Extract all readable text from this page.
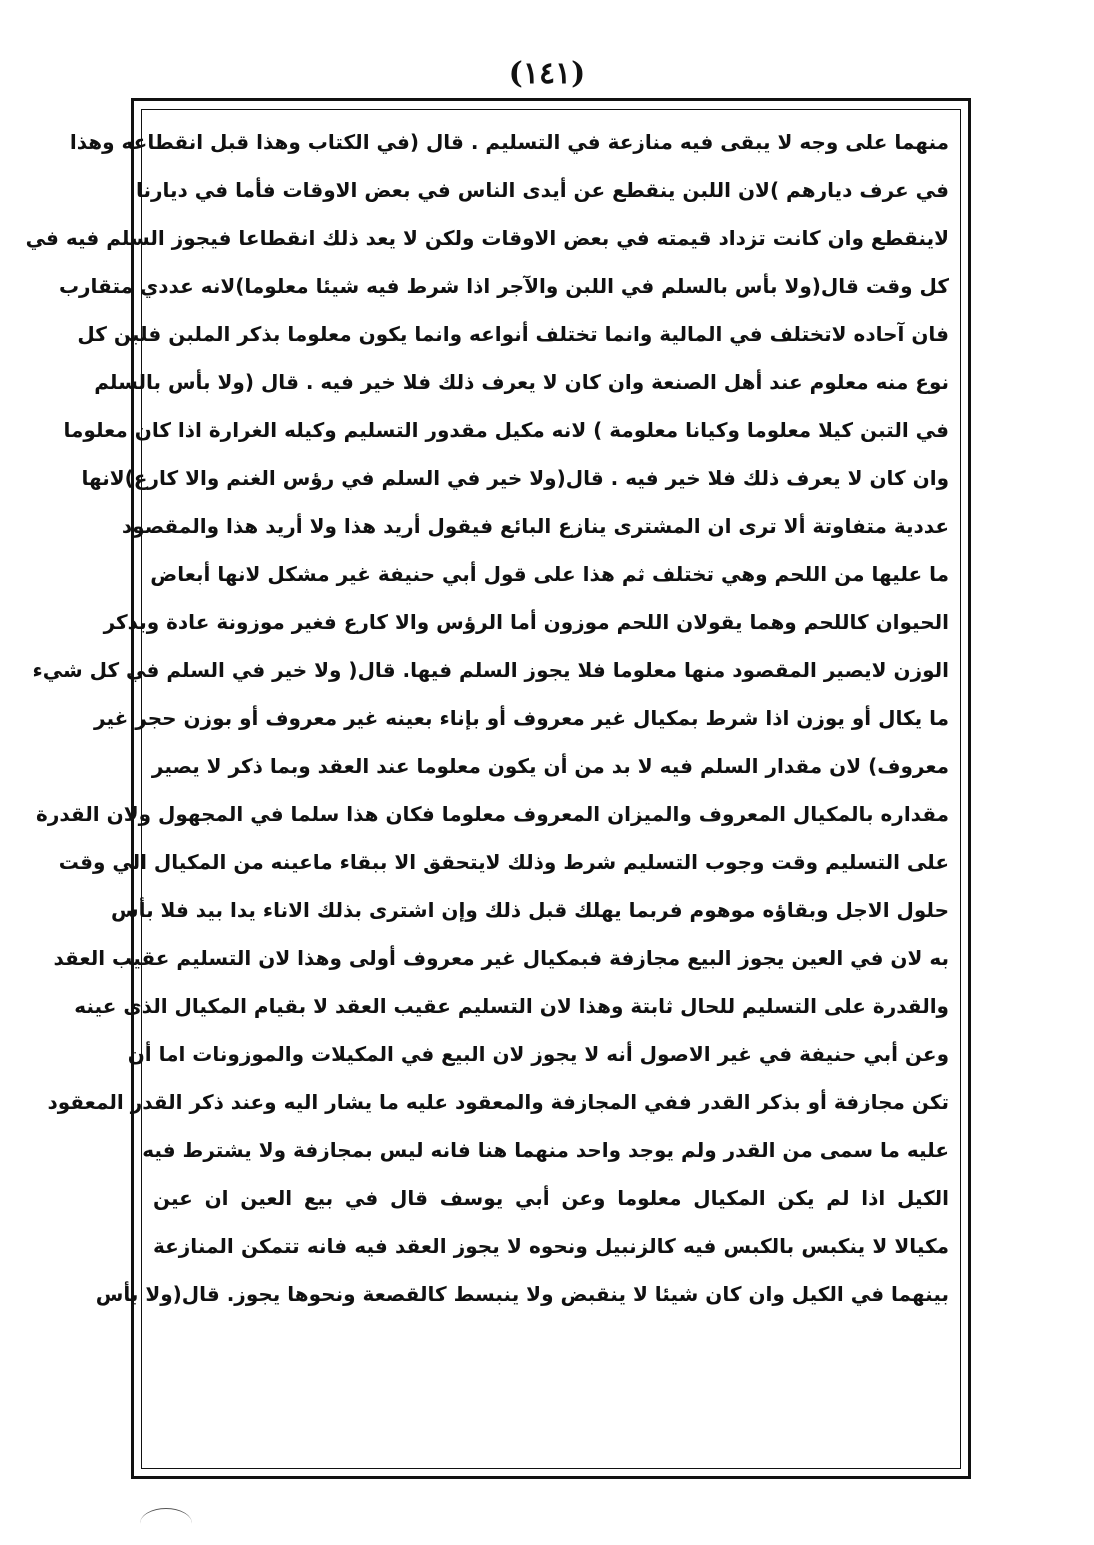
(١٤١)
منهما على وجه لا يبقى فيه منازعة في التسليم . قال (في الكتاب وهذا قبل انقطاعه وهذا
في عرف ديارهم )لان اللبن ينقطع عن أيدى الناس في بعض الاوقات فأما في ديارنا
لاينقطع وان كانت تزداد قيمته في بعض الاوقات ولكن لا يعد ذلك انقطاعا فيجوز السلم فيه في
كل وقت قال(ولا بأس بالسلم في اللبن والآجر اذا شرط فيه شيئا معلوما)لانه عددي متقارب
فان آحاده لاتختلف في المالية وانما تختلف أنواعه وانما يكون معلوما بذكر الملبن فلبن كل
نوع منه معلوم عند أهل الصنعة وان كان لا يعرف ذلك فلا خير فيه . قال (ولا بأس بالسلم
في التبن كيلا معلوما وكيانا معلومة ) لانه مكيل مقدور التسليم وكيله الغرارة اذا كان معلوما
وان كان لا يعرف ذلك فلا خير فيه . قال(ولا خير في السلم في رؤس الغنم والا كارع)لانها
عددية متفاوتة ألا ترى ان المشترى ينازع البائع فيقول أريد هذا ولا أريد هذا والمقصود
ما عليها من اللحم وهي تختلف ثم هذا على قول أبي حنيفة غير مشكل لانها أبعاض
الحيوان كاللحم وهما يقولان اللحم موزون أما الرؤس والا كارع فغير موزونة عادة وبذكر
الوزن لايصير المقصود منها معلوما فلا يجوز السلم فيها. قال( ولا خير في السلم في كل شيء
ما يكال أو يوزن اذا شرط بمكيال غير معروف أو بإناء بعينه غير معروف أو بوزن حجر غير
معروف) لان مقدار السلم فيه لا بد من أن يكون معلوما عند العقد وبما ذكر لا يصير
مقداره بالمكيال المعروف والميزان المعروف معلوما فكان هذا سلما في المجهول ولان القدرة
على التسليم وقت وجوب التسليم شرط وذلك لايتحقق الا ببقاء ماعينه من المكيال الي وقت
حلول الاجل وبقاؤه موهوم فربما يهلك قبل ذلك وإن اشترى بذلك الاناء يدا بيد فلا بأس
به لان في العين يجوز البيع مجازفة فبمكيال غير معروف أولى وهذا لان التسليم عقيب العقد
والقدرة على التسليم للحال ثابتة وهذا لان التسليم عقيب العقد لا بقيام المكيال الذى عينه
وعن أبي حنيفة في غير الاصول أنه لا يجوز لان البيع في المكيلات والموزونات اما أن
تكن مجازفة أو بذكر القدر ففي المجازفة والمعقود عليه ما يشار اليه وعند ذكر القدر المعقود
عليه ما سمى من القدر ولم يوجد واحد منهما هنا فانه ليس بمجازفة ولا يشترط فيه
الكيل اذا لم يكن المكيال معلوما وعن أبي يوسف قال في بيع العين ان عين
مكيالا لا ينكبس بالكبس فيه كالزنبيل ونحوه لا يجوز العقد فيه فانه تتمكن المنازعة
بينهما في الكيل وان كان شيئا لا ينقبض ولا ينبسط كالقصعة ونحوها يجوز. قال(ولا بأس
